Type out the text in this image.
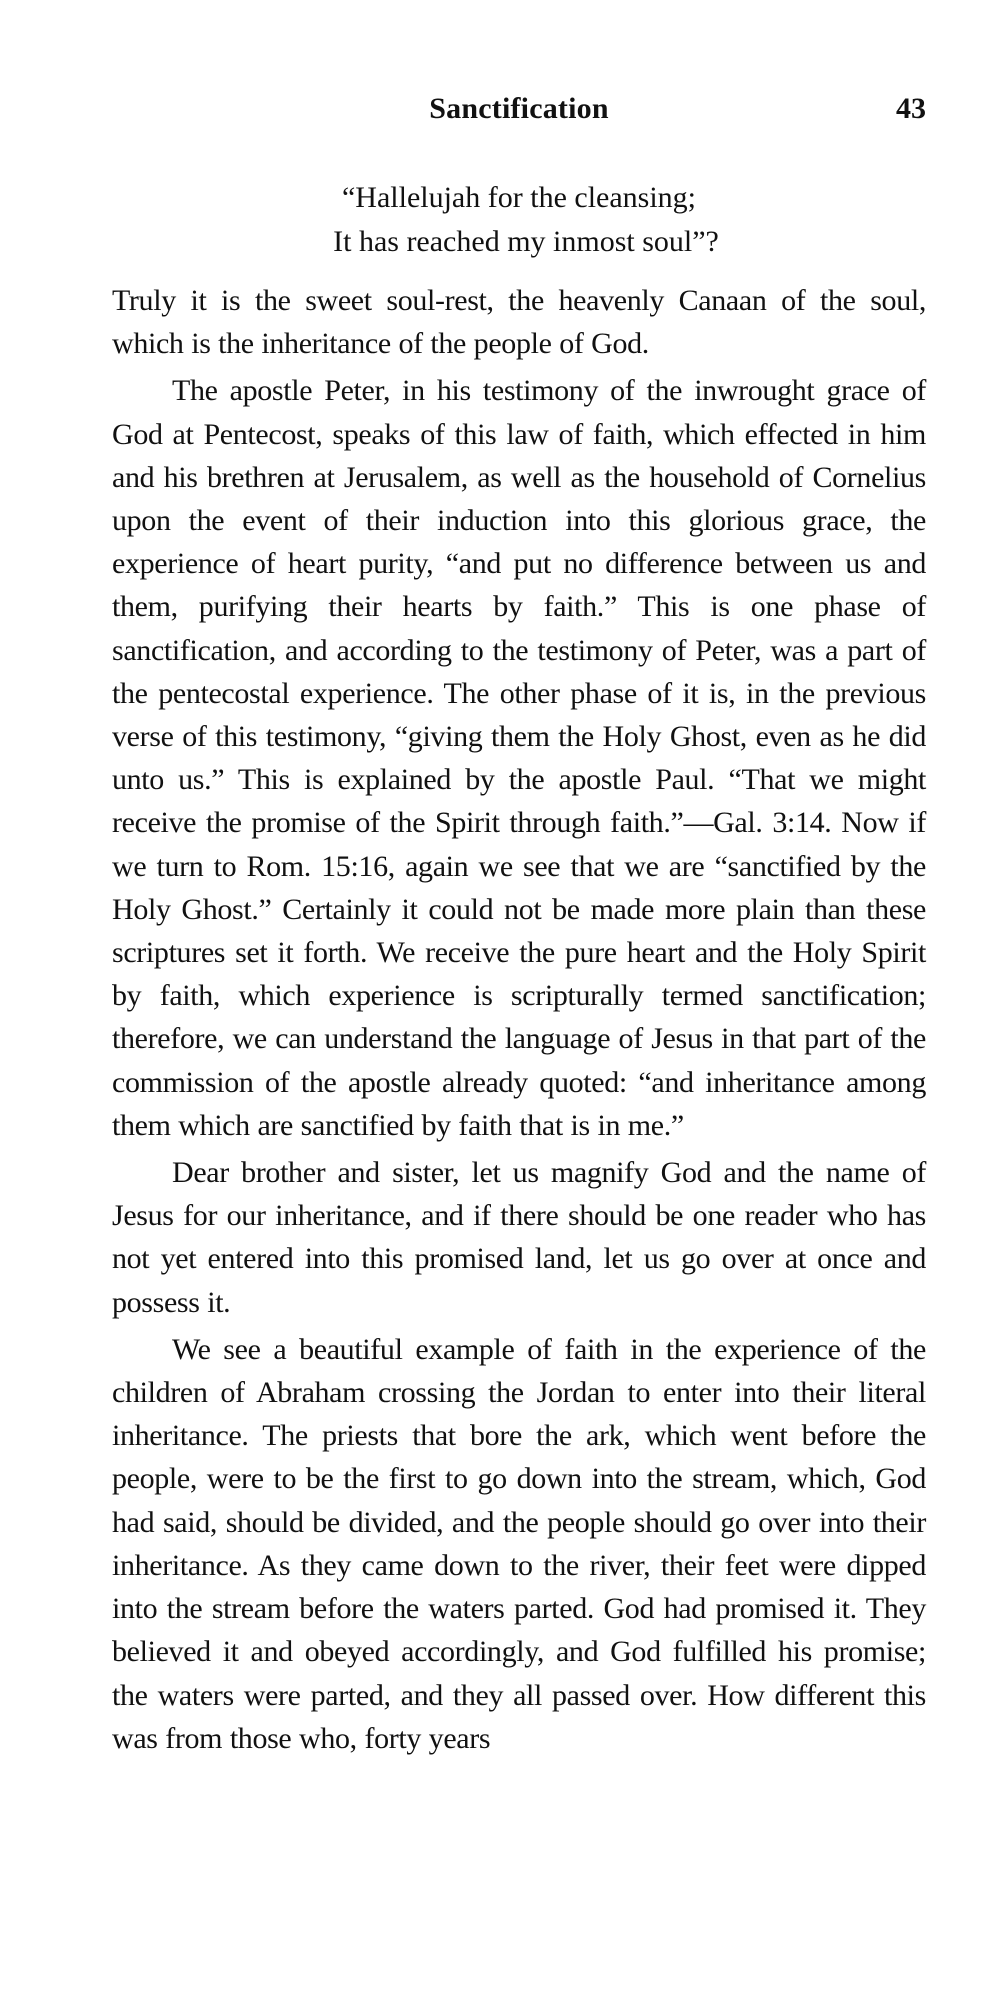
Sanctification	43
“Hallelujah for the cleansing;
It has reached my inmost soul”?

Truly it is the sweet soul-rest, the heavenly Canaan of the soul, which is the inheritance of the people of God.

The apostle Peter, in his testimony of the inwrought grace of God at Pentecost, speaks of this law of faith, which effected in him and his brethren at Jerusalem, as well as the household of Cornelius upon the event of their induction into this glorious grace, the experience of heart purity, “and put no difference between us and them, purifying their hearts by faith.” This is one phase of sanctification, and according to the testimony of Peter, was a part of the pentecostal experience. The other phase of it is, in the previous verse of this testimony, “giving them the Holy Ghost, even as he did unto us.” This is explained by the apostle Paul. “That we might receive the promise of the Spirit through faith.”—Gal. 3:14. Now if we turn to Rom. 15:16, again we see that we are “sanctified by the Holy Ghost.” Certainly it could not be made more plain than these scriptures set it forth. We receive the pure heart and the Holy Spirit by faith, which experience is scripturally termed sanctification; therefore, we can understand the language of Jesus in that part of the commission of the apostle already quoted: “and inheritance among them which are sanctified by faith that is in me.”

Dear brother and sister, let us magnify God and the name of Jesus for our inheritance, and if there should be one reader who has not yet entered into this promised land, let us go over at once and possess it.

We see a beautiful example of faith in the experience of the children of Abraham crossing the Jordan to enter into their literal inheritance. The priests that bore the ark, which went before the people, were to be the first to go down into the stream, which, God had said, should be divided, and the people should go over into their inheritance. As they came down to the river, their feet were dipped into the stream before the waters parted. God had promised it. They believed it and obeyed accordingly, and God fulfilled his promise; the waters were parted, and they all passed over. How different this was from those who, forty years
